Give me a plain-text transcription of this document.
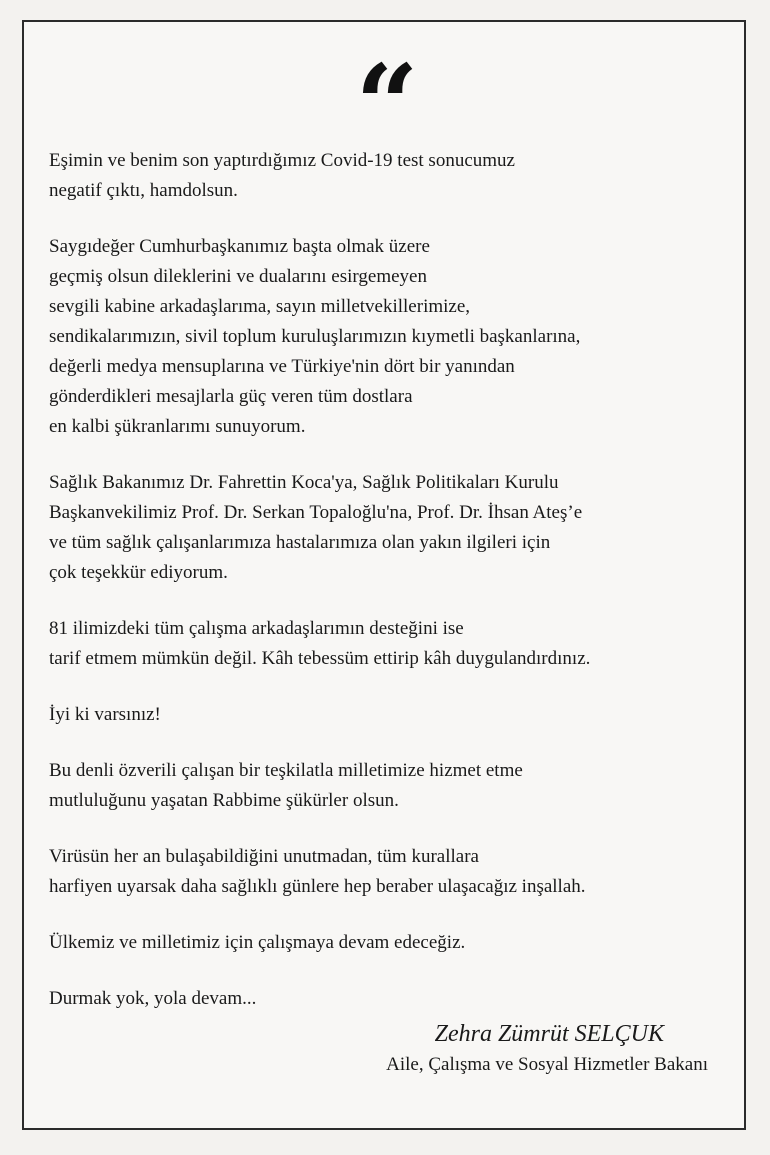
“

Eşimin ve benim son yaptırdığımız Covid-19 test sonucumuz
negatif çıktı, hamdolsun.

Saygıdeğer Cumhurbaşkanımız başta olmak üzere
geçmiş olsun dileklerini ve dualarını esirgemeyen
sevgili kabine arkadaşlarıma, sayın milletvekillerimize,
sendikalarımızın, sivil toplum kuruluşlarımızın kıymetli başkanlarına,
değerli medya mensuplarına ve Türkiye'nin dört bir yanından
gönderdikleri mesajlarla güç veren tüm dostlara
en kalbi şükranlarımı sunuyorum.

Sağlık Bakanımız Dr. Fahrettin Koca'ya, Sağlık Politikaları Kurulu
Başkanvekilimiz Prof. Dr. Serkan Topaloğlu'na, Prof. Dr. İhsan Ateş’e
ve tüm sağlık çalışanlarımıza hastalarımıza olan yakın ilgileri için
çok teşekkür ediyorum.

81 ilimizdeki tüm çalışma arkadaşlarımın desteğini ise
tarif etmem mümkün değil. Kâh tebessüm ettirip kâh duygulandırdınız.

İyi ki varsınız!

Bu denli özverili çalışan bir teşkilatla milletimize hizmet etme
mutluluğunu yaşatan Rabbime şükürler olsun.

Virüsün her an bulaşabildiğini unutmadan, tüm kurallara
harfiyen uyarsak daha sağlıklı günlere hep beraber ulaşacağız inşallah.

Ülkemiz ve milletimiz için çalışmaya devam edeceğiz.

Durmak yok, yola devam...

Zehra Zümrüt SELÇUK
Aile, Çalışma ve Sosyal Hizmetler Bakanı
